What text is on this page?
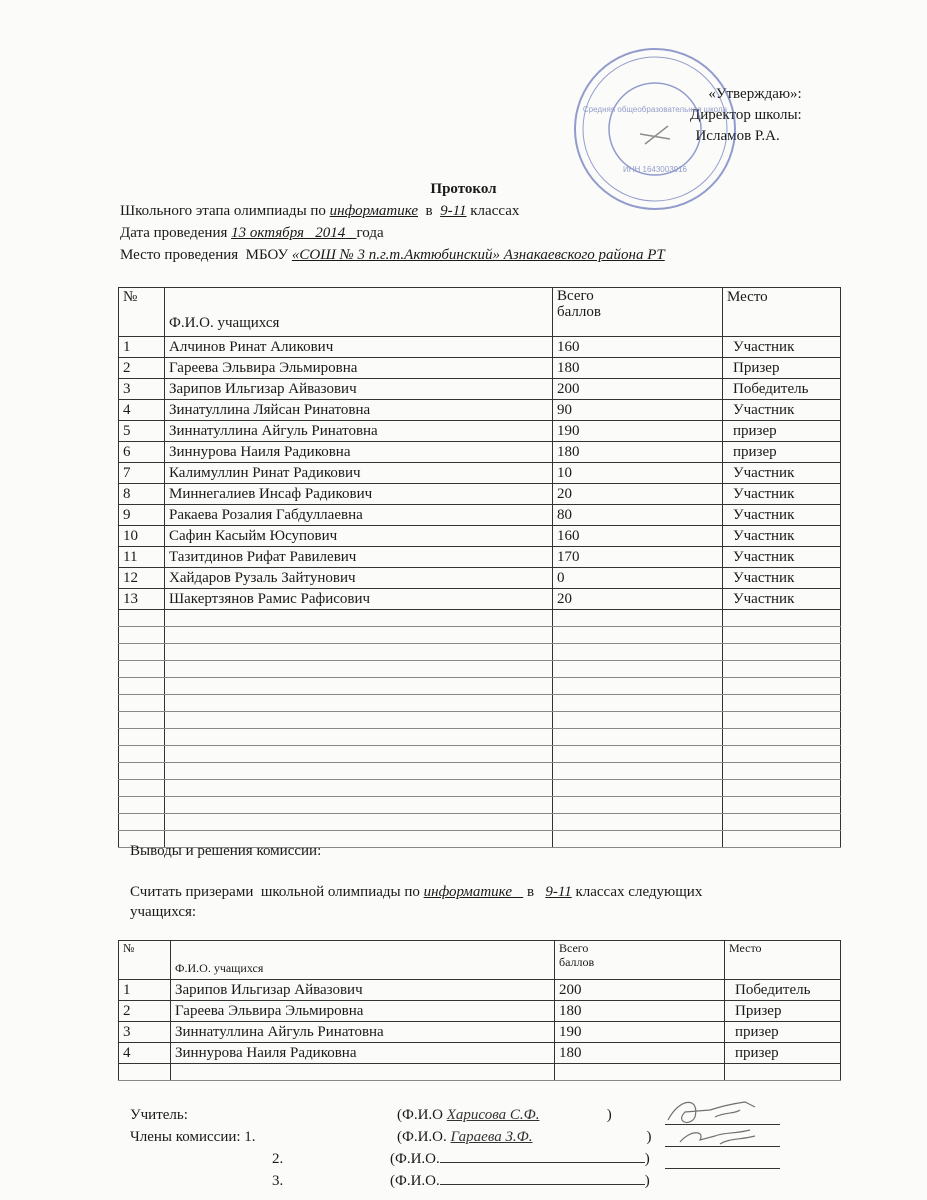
«Утверждаю»:
Директор школы:
Исламов Р.А.
Средняя общеобразовательная школа
ИНН 1643003916
Протокол
Школьного этапа олимпиады по информатике в 9-11 классах
Дата проведения 13 октября   2014 года
Место проведения  МБОУ «СОШ № 3 п.г.т.Актюбинский» Азнакаевского района РТ
№	Ф.И.О. учащихся	Всего баллов	Место
1	Алчинов Ринат Аликович	160	Участник
2	Гареева Эльвира Эльмировна	180	Призер
3	Зарипов Ильгизар Айвазович	200	Победитель
4	Зинатуллина Ляйсан Ринатовна	90	Участник
5	Зиннатуллина Айгуль Ринатовна	190	призер
6	Зиннурова Наиля Радиковна	180	призер
7	Калимуллин Ринат Радикович	10	Участник
8	Миннегалиев Инсаф Радикович	20	Участник
9	Ракаева Розалия Габдуллаевна	80	Участник
10	Сафин Касыйм Юсупович	160	Участник
11	Тазитдинов Рифат Равилевич	170	Участник
12	Хайдаров Рузаль Зайтунович	0	Участник
13	Шакертзянов Рамис Рафисович	20	Участник

Выводы и решения комиссии:
Считать призерами  школьной олимпиады по информатике в 9-11 классах следующих
учащихся:
№	Ф.И.О. учащихся	Всего баллов	Место
1	Зарипов Ильгизар Айвазович	200	Победитель
2	Гареева Эльвира Эльмировна	180	Призер
3	Зиннатуллина Айгуль Ринатовна	190	призер
4	Зиннурова Наиля Радиковна	180	призер

Учитель:	(Ф.И.О Харисова С.Ф.	)
Члены комиссии: 1.	(Ф.И.О. Гараева З.Ф.	)
2.	(Ф.И.О.	)
3.	(Ф.И.О.	)
